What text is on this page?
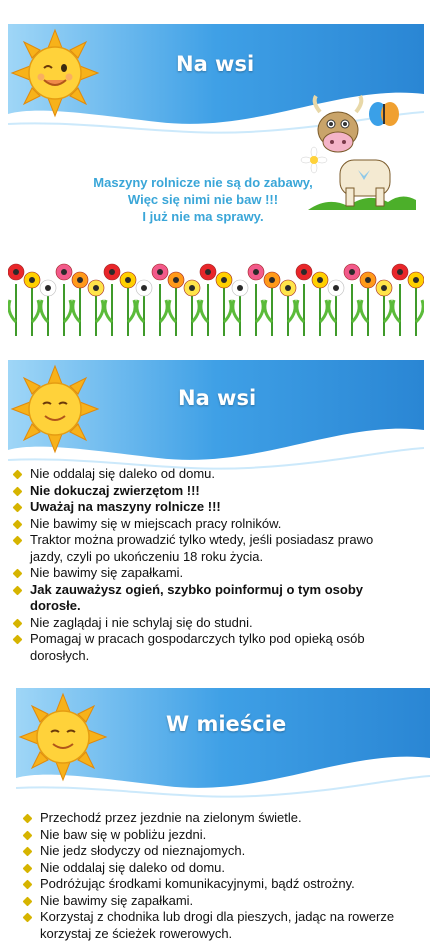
Na wsi
Maszyny rolnicze nie są do zabawy,
Więc się nimi nie baw !!!
I już nie ma sprawy.
Na wsi
Nie oddalaj się daleko od domu.
Nie dokuczaj zwierzętom !!!
Uważaj na maszyny rolnicze !!!
Nie bawimy się w miejscach pracy rolników.
Traktor można prowadzić tylko wtedy, jeśli posiadasz prawo jazdy, czyli po ukończeniu 18 roku życia.
Nie bawimy się zapałkami.
Jak zauważysz ogień, szybko poinformuj o tym osoby dorosłe.
Nie zaglądaj i nie schylaj się do studni.
Pomagaj w pracach gospodarczych tylko pod opieką osób dorosłych.
W mieście
Przechodź przez jezdnie na zielonym świetle.
Nie baw się w pobliżu jezdni.
Nie jedz słodyczy od nieznajomych.
Nie oddalaj się daleko od domu.
Podróżując środkami komunikacyjnymi, bądź ostrożny.
Nie bawimy się zapałkami.
Korzystaj z chodnika lub drogi dla pieszych, jadąc na rowerze korzystaj ze ścieżek rowerowych.
